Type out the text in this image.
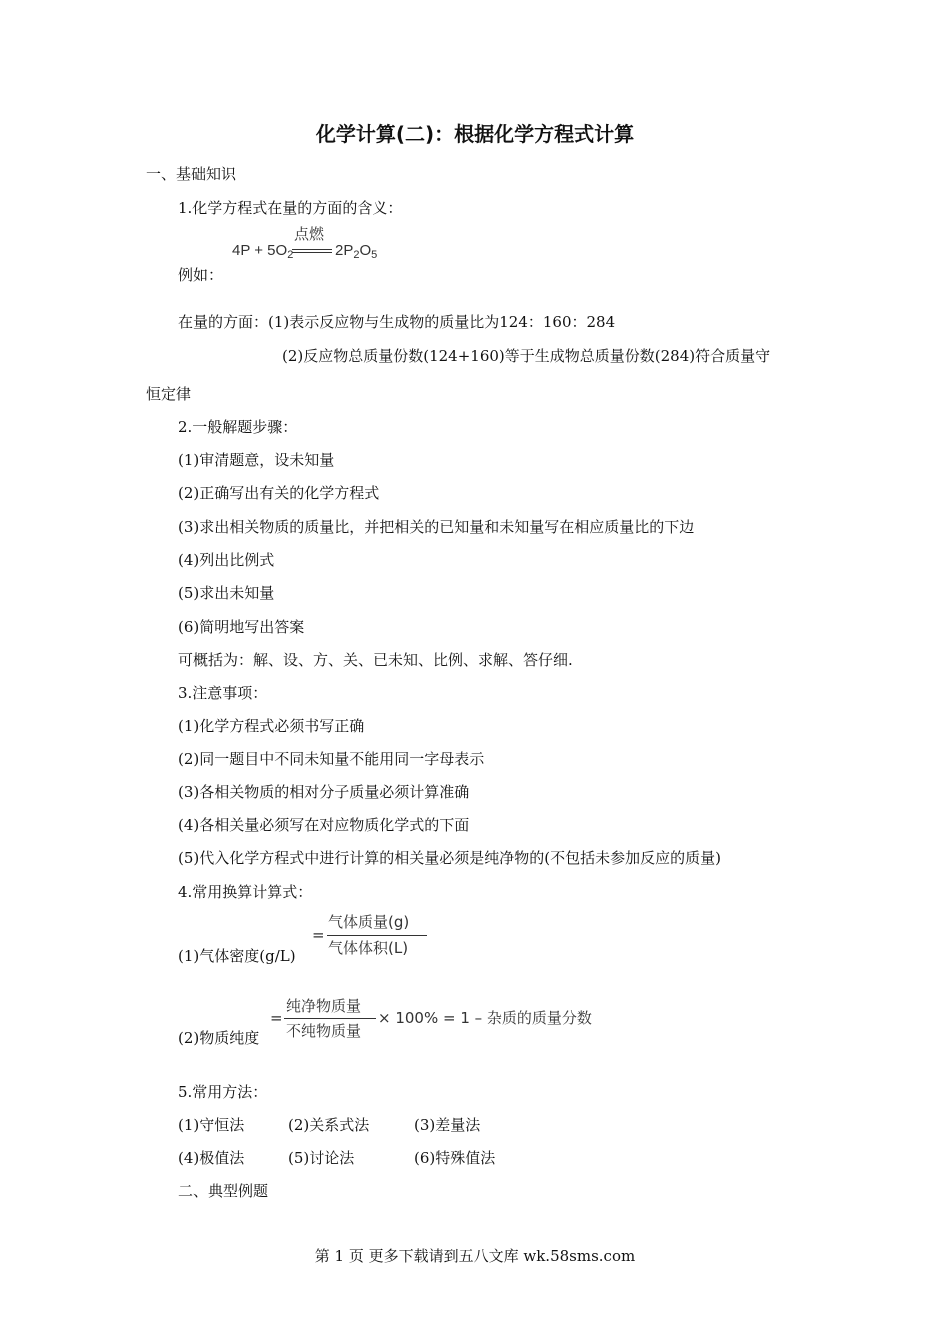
化学计算(二)：根据化学方程式计算
一、基础知识
1.化学方程式在量的方面的含义：
$4P + 5O_2$
点燃
$2P_2O_5$
例如：
在量的方面：(1)表示反应物与生成物的质量比为124：160：284
(2)反应物总质量份数(124+160)等于生成物总质量份数(284)符合质量守
恒定律
2.一般解题步骤：
(1)审清题意，设未知量
(2)正确写出有关的化学方程式
(3)求出相关物质的质量比，并把相关的已知量和未知量写在相应质量比的下边
(4)列出比例式
(5)求出未知量
(6)简明地写出答案
可概括为：解、设、方、关、已未知、比例、求解、答仔细.
3.注意事项：
(1)化学方程式必须书写正确
(2)同一题目中不同未知量不能用同一字母表示
(3)各相关物质的相对分子质量必须计算准确
(4)各相关量必须写在对应物质化学式的下面
(5)代入化学方程式中进行计算的相关量必须是纯净物的(不包括未参加反应的质量)
4.常用换算计算式：
(1)气体密度(g/L)
=
气体质量(g)
气体体积(L)
(2)物质纯度
=
纯净物质量
不纯物质量
× 100% = 1 – 杂质的质量分数
5.常用方法：
(1)守恒法	(2)关系式法	(3)差量法
(4)极值法	(5)讨论法	(6)特殊值法
二、典型例题
第 1 页 更多下载请到五八文库 wk.58sms.com
